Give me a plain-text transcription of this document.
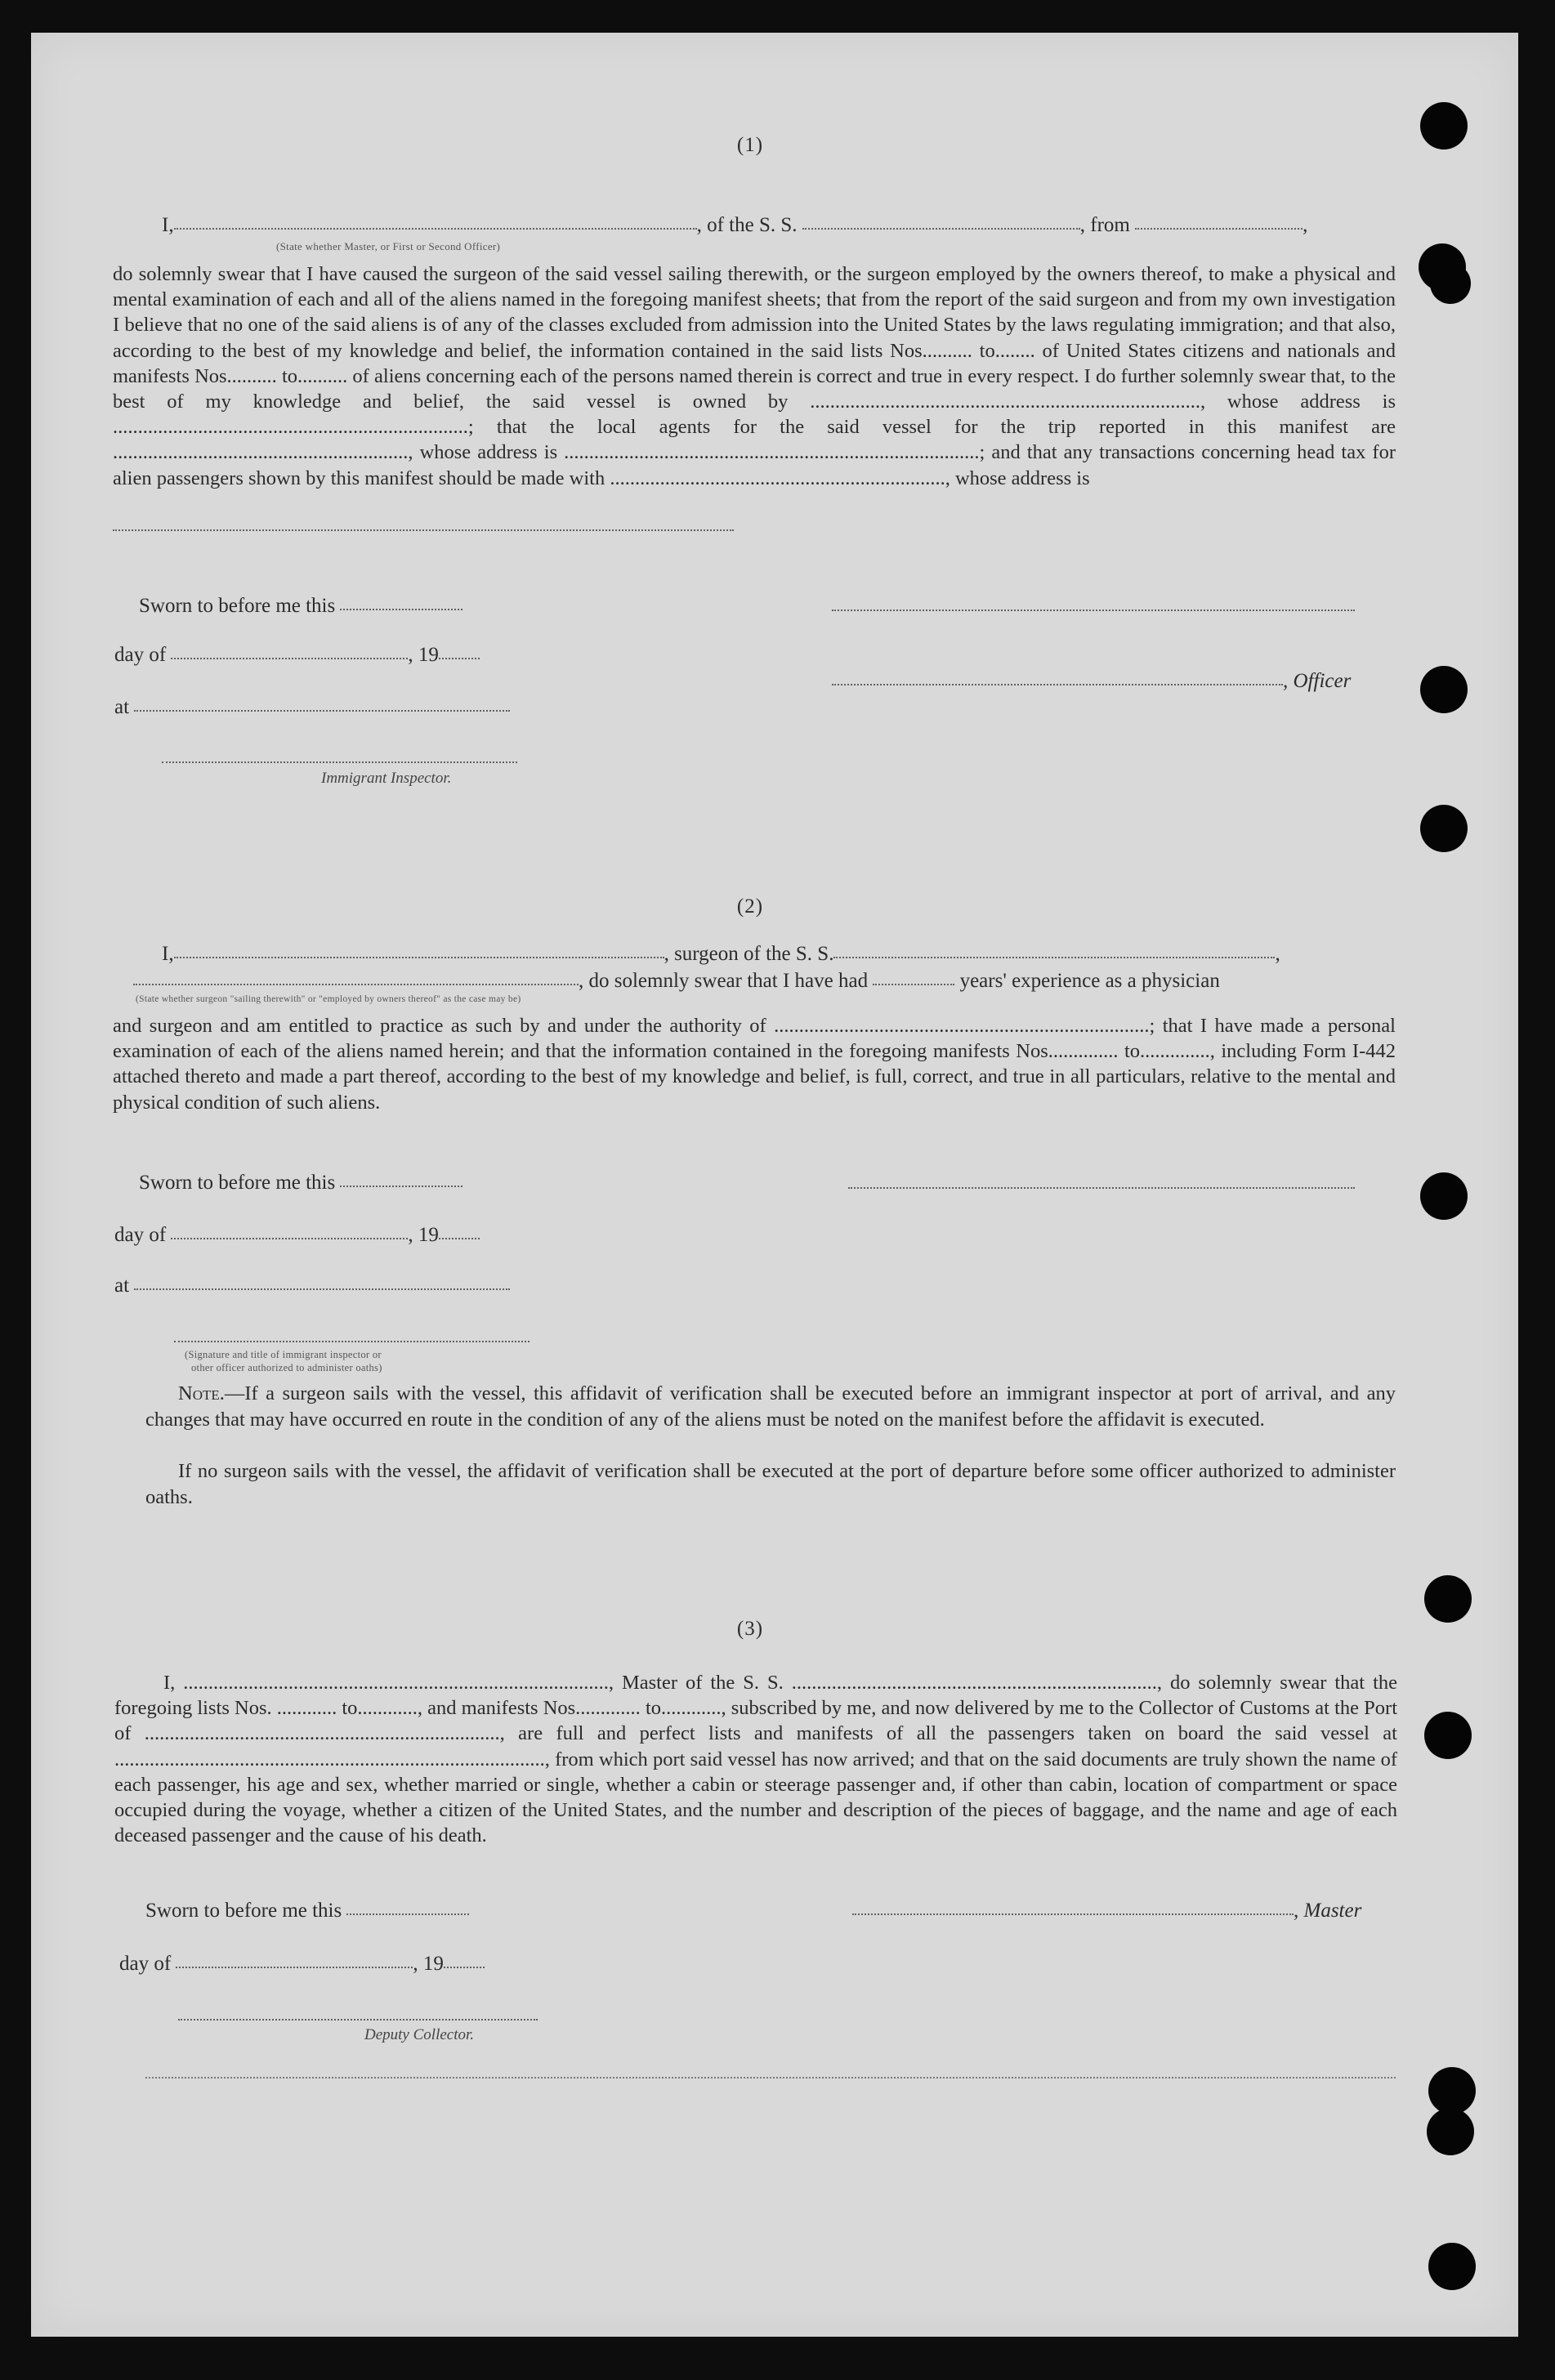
(1)
I,	, of the S. S.	, from	,
(State whether Master, or First or Second Officer)
do solemnly swear that I have caused the surgeon of the said vessel sailing therewith, or the surgeon employed by the owners thereof, to make a physical and mental examination of each and all of the aliens named in the foregoing manifest sheets; that from the report of the said surgeon and from my own investigation I believe that no one of the said aliens is of any of the classes excluded from admission into the United States by the laws regulating immigration; and that also, according to the best of my knowledge and belief, the information contained in the said lists Nos.......... to........ of United States citizens and nationals and manifests Nos.......... to.......... of aliens concerning each of the persons named therein is correct and true in every respect. I do further solemnly swear that, to the best of my knowledge and belief, the said vessel is owned by .............................................................................., whose address is .......................................................................; that the local agents for the said vessel for the trip reported in this manifest are ..........................................................., whose address is ...................................................................................; and that any transactions concerning head tax for alien passengers shown by this manifest should be made with ..................................................................., whose address is
Sworn to before me this
day of	, 19
, Officer
at
Immigrant Inspector.
(2)
I,	, surgeon of the S. S.	,
, do solemnly swear that I have had	years' experience as a physician
(State whether surgeon "sailing therewith" or "employed by owners thereof" as the case may be)
and surgeon and am entitled to practice as such by and under the authority of ...........................................................................; that I have made a personal examination of each of the aliens named herein; and that the information contained in the foregoing manifests Nos.............. to.............., including Form I-442 attached thereto and made a part thereof, according to the best of my knowledge and belief, is full, correct, and true in all particulars, relative to the mental and physical condition of such aliens.
Sworn to before me this
day of	, 19
at
(Signature and title of immigrant inspector or
other officer authorized to administer oaths)
Note.—If a surgeon sails with the vessel, this affidavit of verification shall be executed before an immigrant inspector at port of arrival, and any changes that may have occurred en route in the condition of any of the aliens must be noted on the manifest before the affidavit is executed.
If no surgeon sails with the vessel, the affidavit of verification shall be executed at the port of departure before some officer authorized to administer oaths.
(3)
I, ....................................................................................., Master of the S. S. ........................................................................., do solemnly swear that the foregoing lists Nos. ............ to............, and manifests Nos............. to............, subscribed by me, and now delivered by me to the Collector of Customs at the Port of ......................................................................., are full and perfect lists and manifests of all the passengers taken on board the said vessel at ......................................................................................, from which port said vessel has now arrived; and that on the said documents are truly shown the name of each passenger, his age and sex, whether married or single, whether a cabin or steerage passenger and, if other than cabin, location of compartment or space occupied during the voyage, whether a citizen of the United States, and the number and description of the pieces of baggage, and the name and age of each deceased passenger and the cause of his death.
Sworn to before me this	, Master
day of	, 19
Deputy Collector.
